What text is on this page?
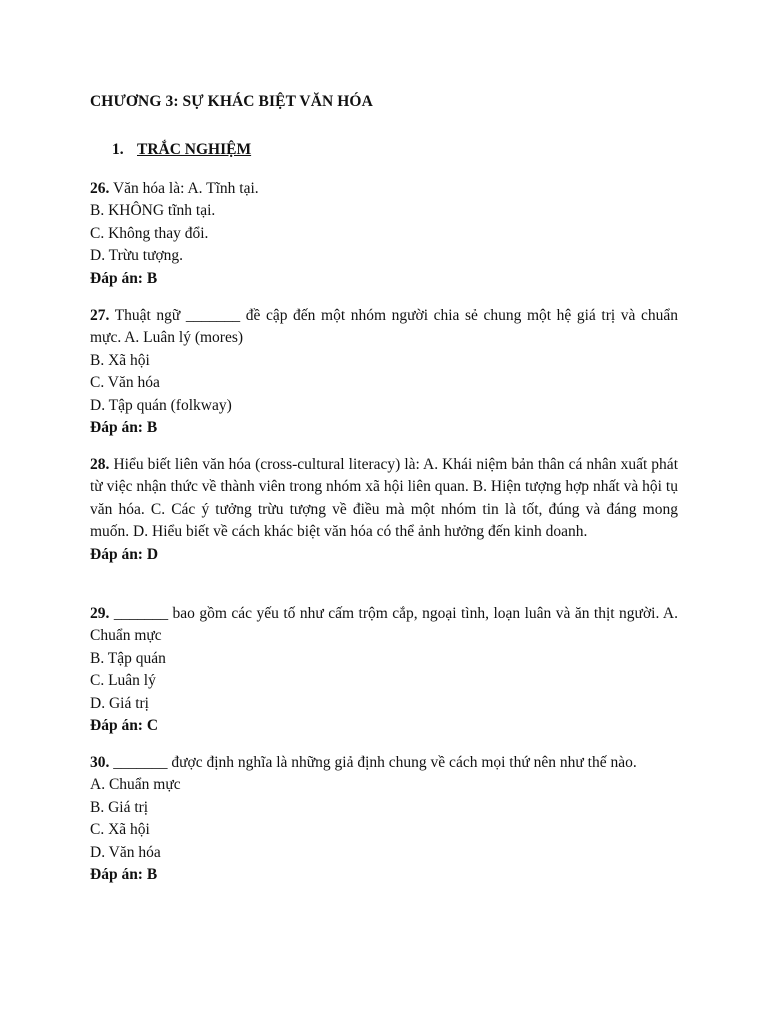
CHƯƠNG 3: SỰ KHÁC BIỆT VĂN HÓA
1. TRẮC NGHIỆM
26. Văn hóa là: A. Tĩnh tại.
B. KHÔNG tĩnh tại.
C. Không thay đổi.
D. Trừu tượng.
Đáp án: B
27. Thuật ngữ _______ đề cập đến một nhóm người chia sẻ chung một hệ giá trị và chuẩn mực. A. Luân lý (mores)
B. Xã hội
C. Văn hóa
D. Tập quán (folkway)
Đáp án: B
28. Hiểu biết liên văn hóa (cross-cultural literacy) là: A. Khái niệm bản thân cá nhân xuất phát từ việc nhận thức về thành viên trong nhóm xã hội liên quan. B. Hiện tượng hợp nhất và hội tụ văn hóa. C. Các ý tưởng trừu tượng về điều mà một nhóm tin là tốt, đúng và đáng mong muốn. D. Hiểu biết về cách khác biệt văn hóa có thể ảnh hưởng đến kinh doanh.
Đáp án: D
29. _______ bao gồm các yếu tố như cấm trộm cắp, ngoại tình, loạn luân và ăn thịt người. A. Chuẩn mực
B. Tập quán
C. Luân lý
D. Giá trị
Đáp án: C
30. _______ được định nghĩa là những giả định chung về cách mọi thứ nên như thế nào.
A. Chuẩn mực
B. Giá trị
C. Xã hội
D. Văn hóa
Đáp án: B
